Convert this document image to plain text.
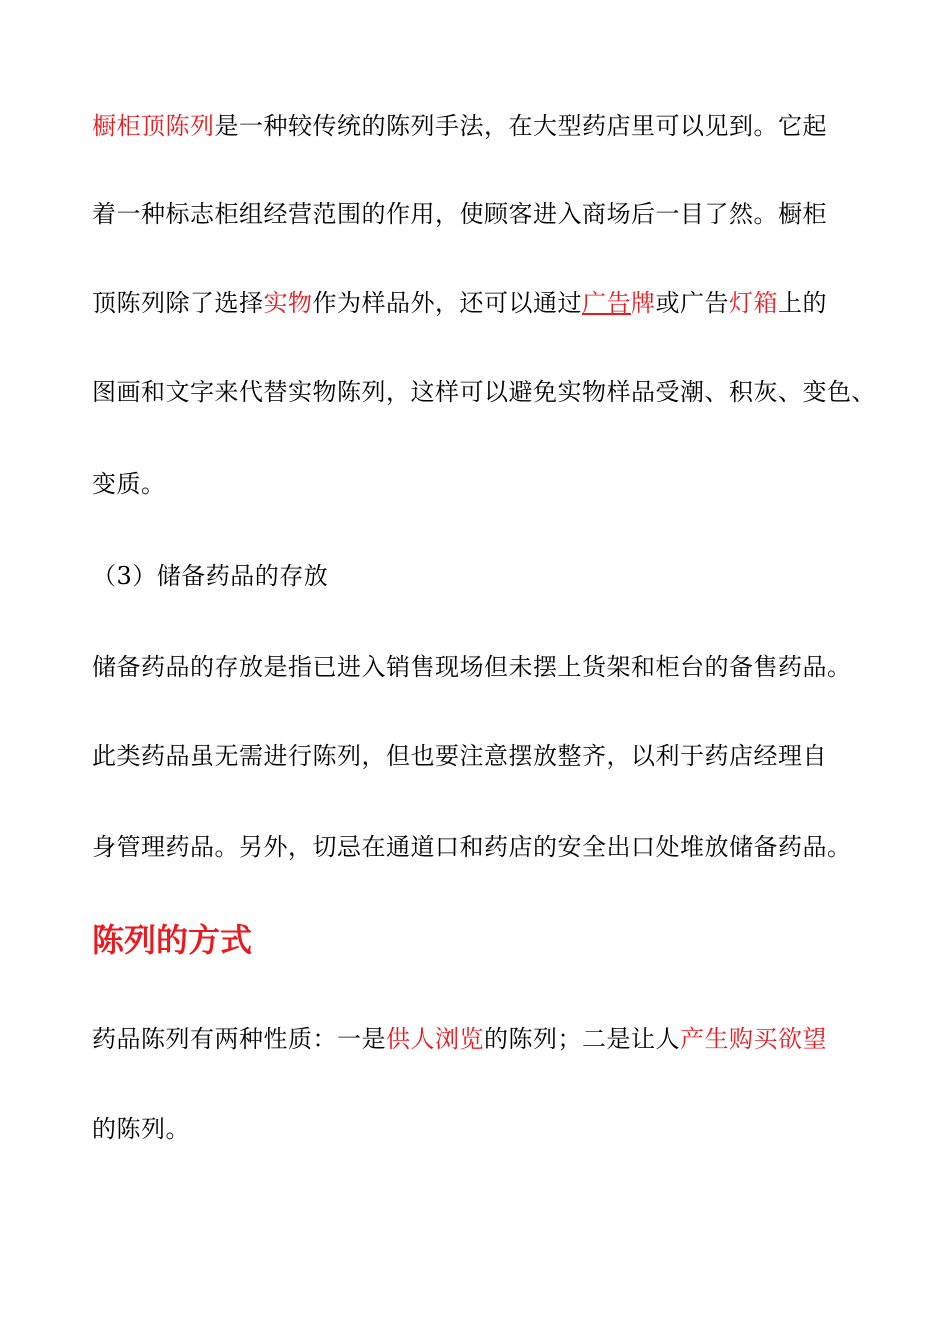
橱柜顶陈列是一种较传统的陈列手法，在大型药店里可以见到。它起
着一种标志柜组经营范围的作用，使顾客进入商场后一目了然。橱柜
顶陈列除了选择实物作为样品外，还可以通过广告牌或广告灯箱上的
图画和文字来代替实物陈列，这样可以避免实物样品受潮、积灰、变色、
变质。
（3）储备药品的存放
储备药品的存放是指已进入销售现场但未摆上货架和柜台的备售药品。
此类药品虽无需进行陈列，但也要注意摆放整齐，以利于药店经理自
身管理药品。另外，切忌在通道口和药店的安全出口处堆放储备药品。
陈列的方式
药品陈列有两种性质：一是供人浏览的陈列；二是让人产生购买欲望
的陈列。
